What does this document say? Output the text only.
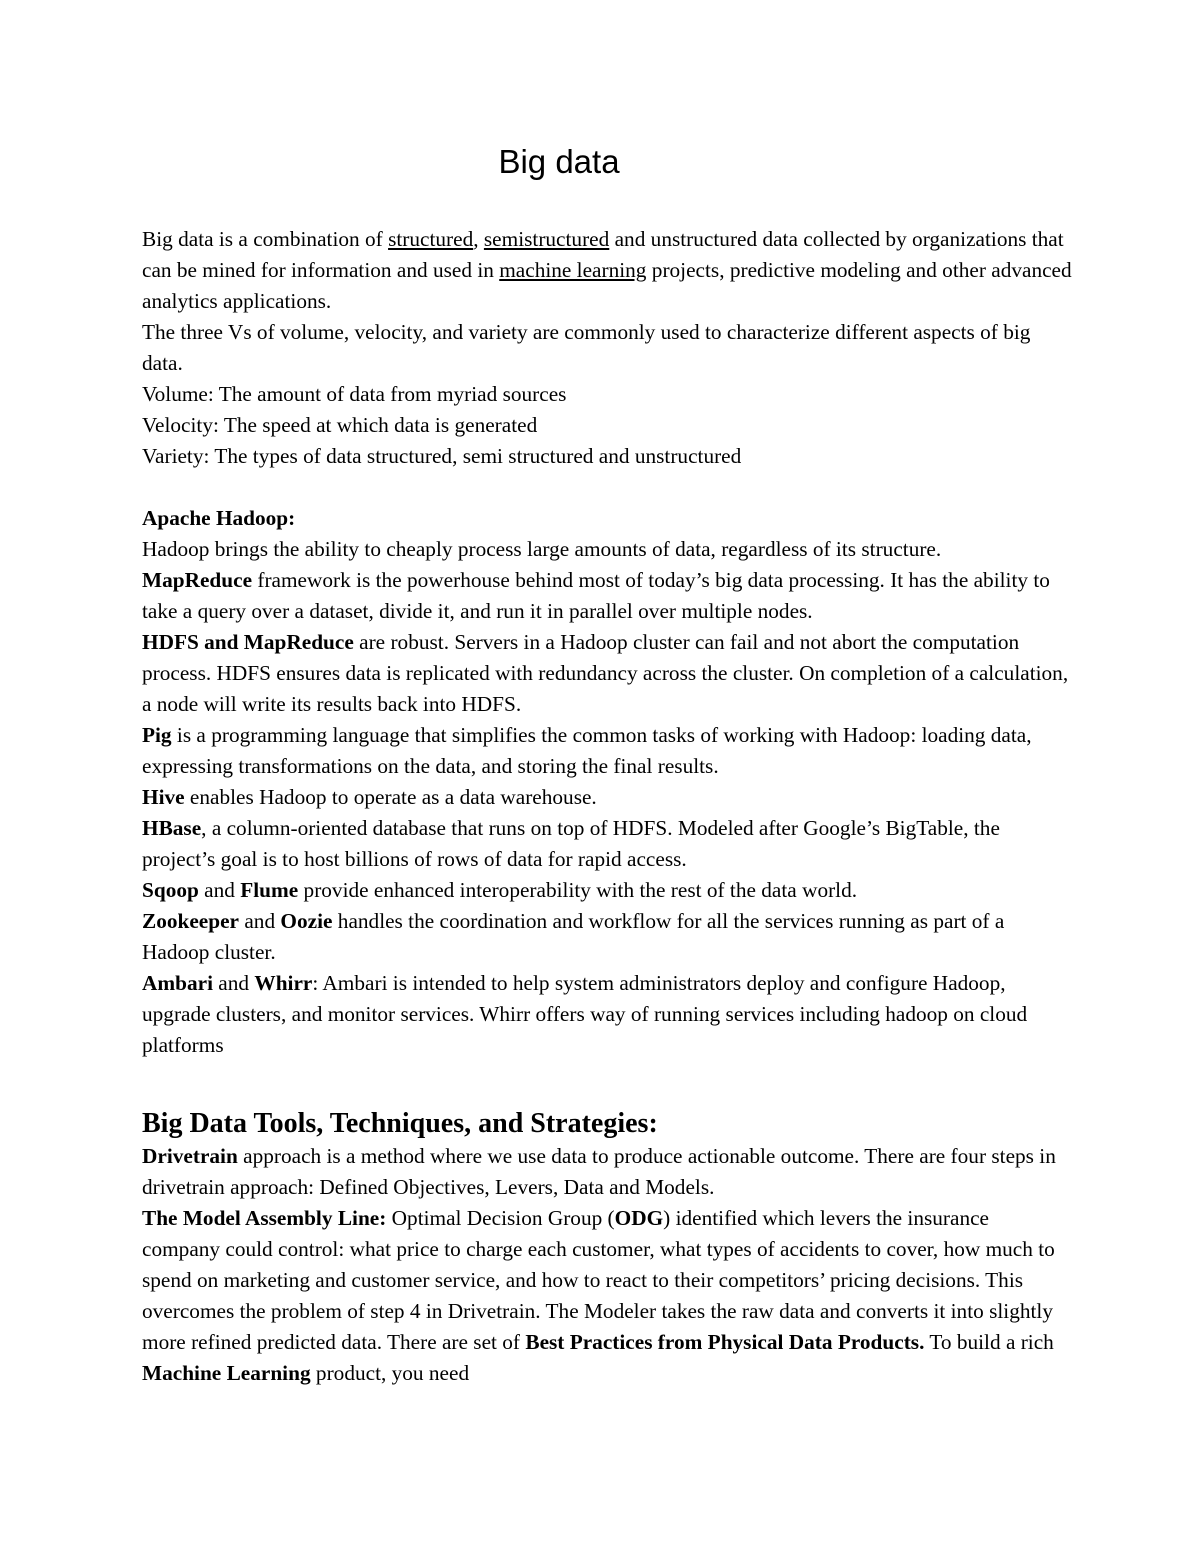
Big data

Big data is a combination of structured, semistructured and unstructured data collected by organizations that can be mined for information and used in machine learning projects, predictive modeling and other advanced analytics applications.

The three Vs of volume, velocity, and variety are commonly used to characterize different aspects of big data.

Volume: The amount of data from myriad sources

Velocity: The speed at which data is generated

Variety: The types of data structured, semi structured and unstructured

Apache Hadoop:

Hadoop brings the ability to cheaply process large amounts of data, regardless of its structure.

MapReduce framework is the powerhouse behind most of today’s big data processing. It has the ability to take a query over a dataset, divide it, and run it in parallel over multiple nodes.

HDFS and MapReduce are robust. Servers in a Hadoop cluster can fail and not abort the computation process. HDFS ensures data is replicated with redundancy across the cluster. On completion of a calculation, a node will write its results back into HDFS.

Pig is a programming language that simplifies the common tasks of working with Hadoop: loading data, expressing transformations on the data, and storing the final results.

Hive enables Hadoop to operate as a data warehouse.

HBase, a column-oriented database that runs on top of HDFS. Modeled after Google’s BigTable, the project’s goal is to host billions of rows of data for rapid access.

Sqoop and Flume provide enhanced interoperability with the rest of the data world.

Zookeeper and Oozie handles the coordination and workflow for all the services running as part of a Hadoop cluster.

Ambari and Whirr: Ambari is intended to help system administrators deploy and configure Hadoop, upgrade clusters, and monitor services. Whirr offers way of running services including hadoop on cloud platforms

Big Data Tools, Techniques, and Strategies:

Drivetrain approach is a method where we use data to produce actionable outcome. There are four steps in drivetrain approach: Defined Objectives, Levers, Data and Models.

The Model Assembly Line: Optimal Decision Group (ODG) identified which levers the insurance company could control: what price to charge each customer, what types of accidents to cover, how much to spend on marketing and customer service, and how to react to their competitors’ pricing decisions. This overcomes the problem of step 4 in Drivetrain. The Modeler takes the raw data and converts it into slightly more refined predicted data. There are set of Best Practices from Physical Data Products. To build a rich Machine Learning product, you need
